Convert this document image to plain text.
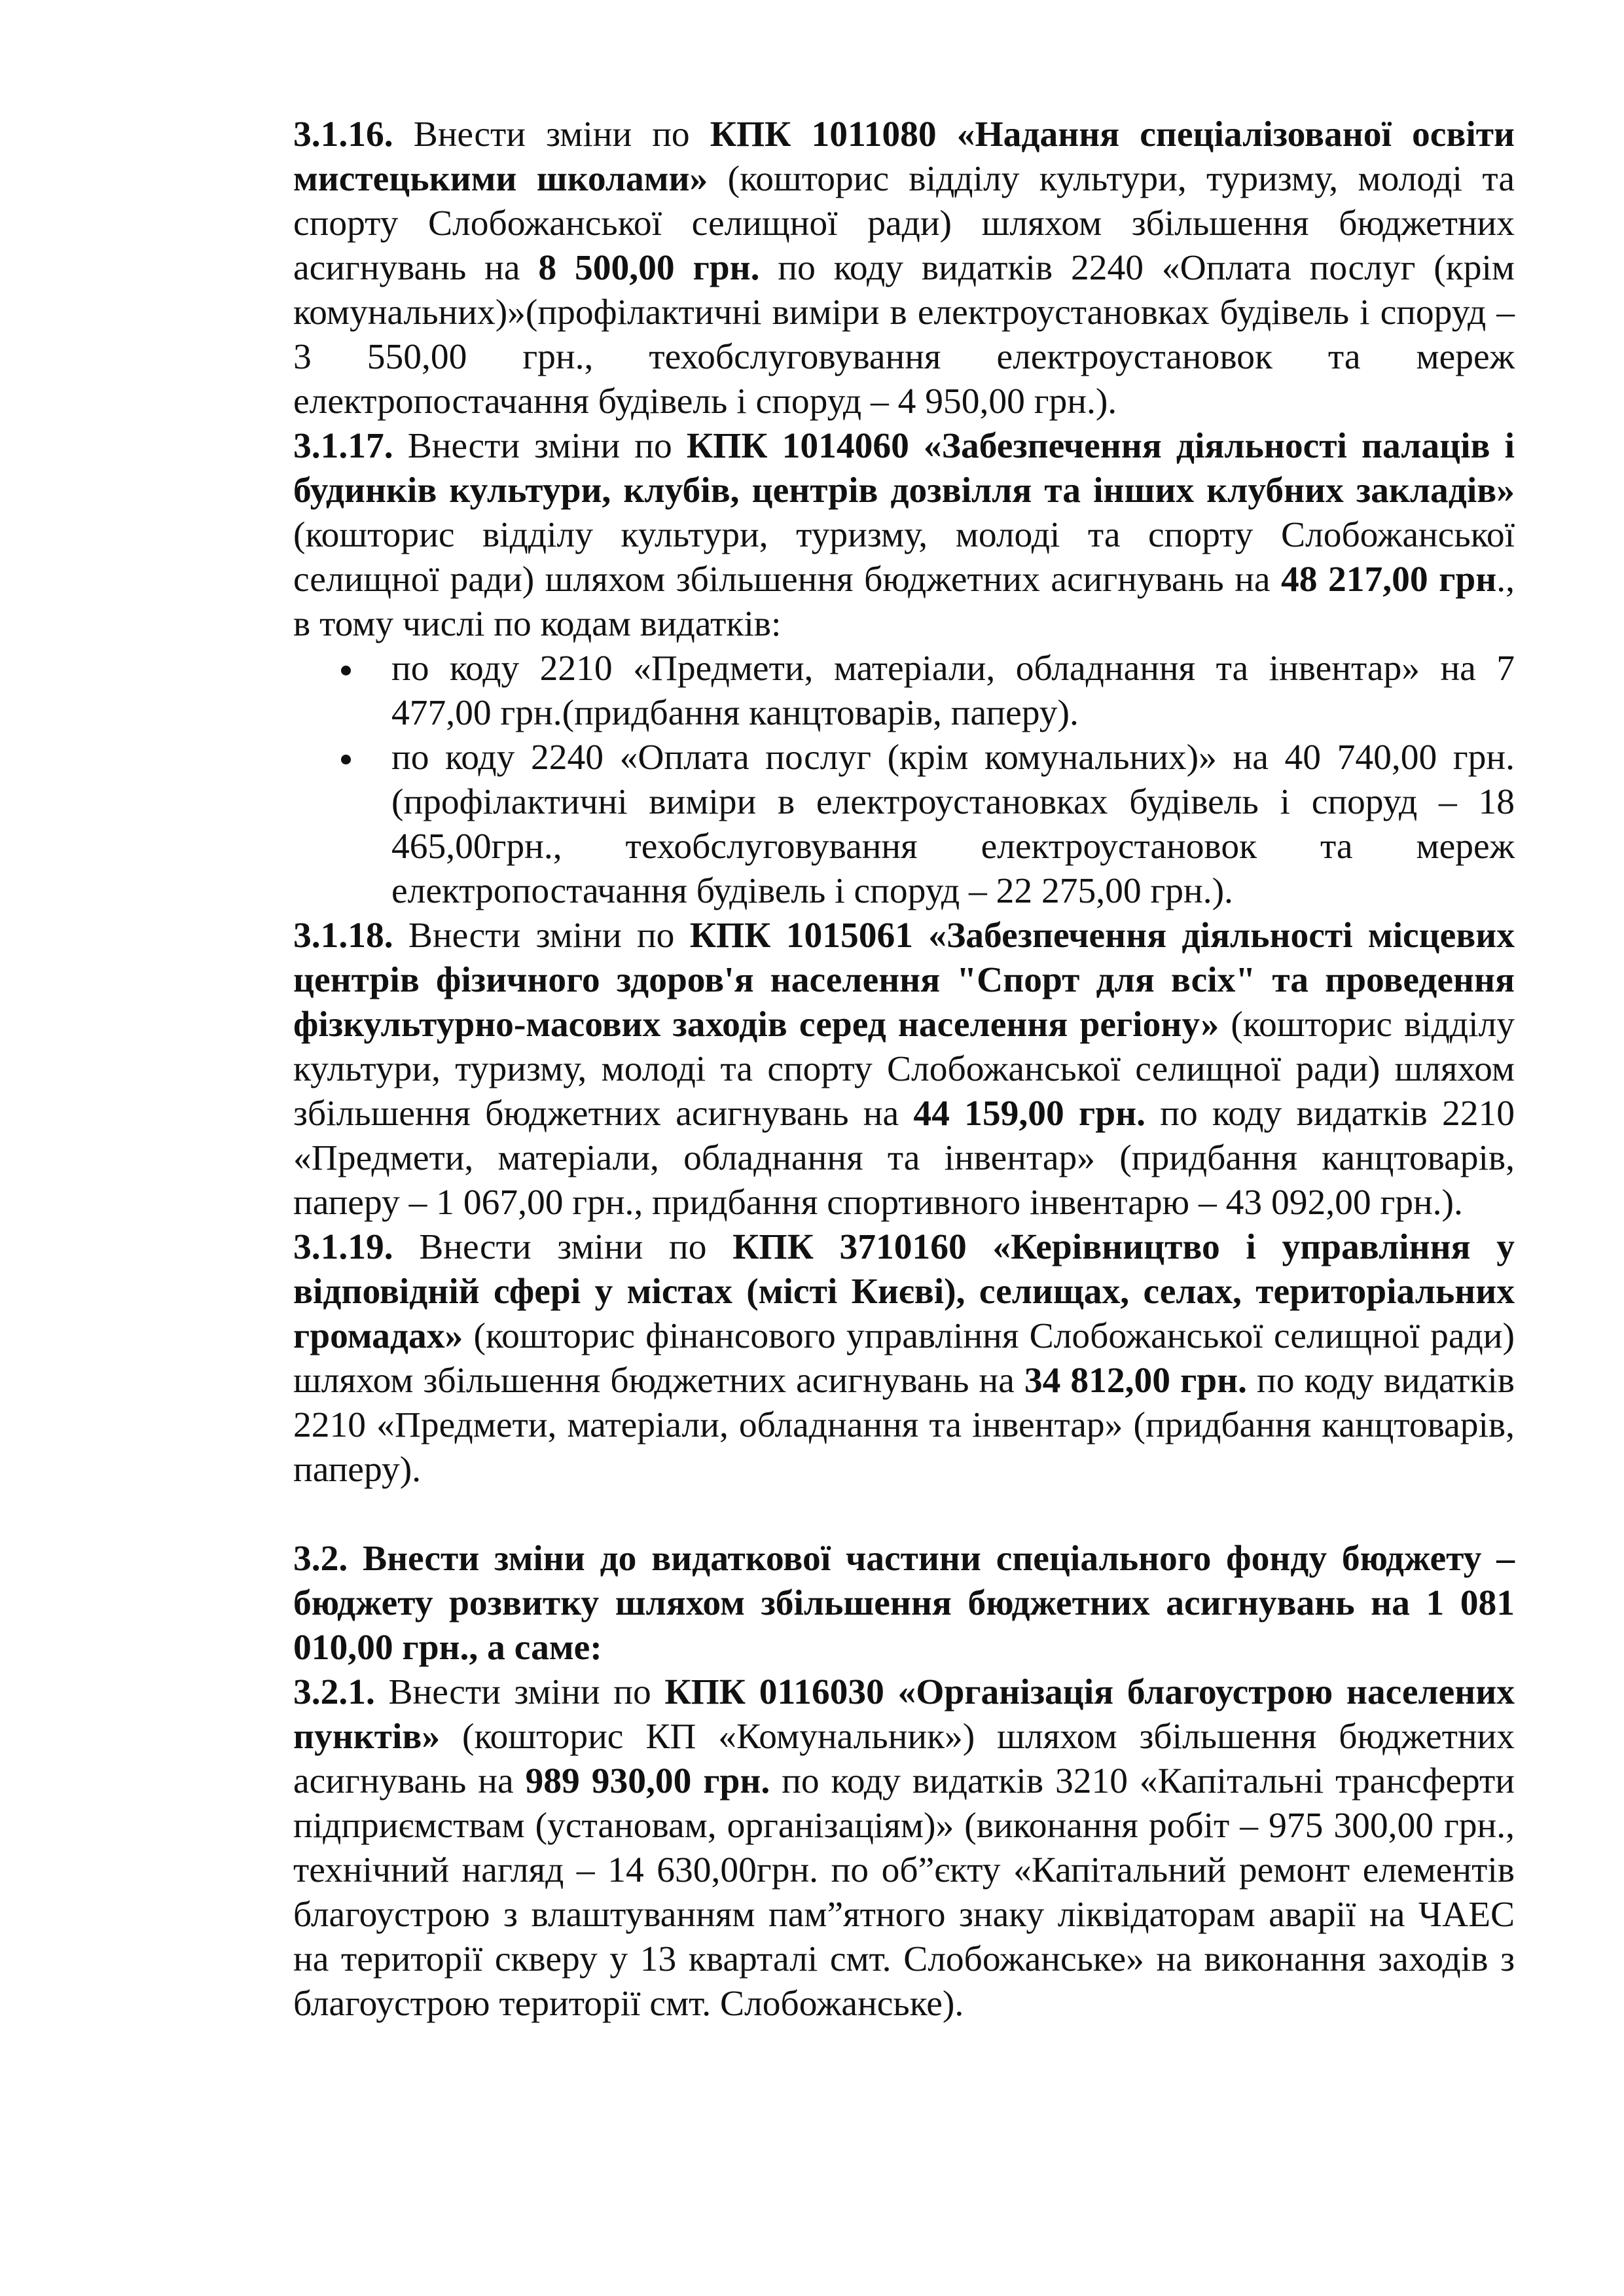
3.1.16. Внести зміни по КПК 1011080 «Надання спеціалізованої освіти мистецькими школами» (кошторис відділу культури, туризму, молоді та спорту Слобожанської селищної ради) шляхом збільшення бюджетних асигнувань на 8 500,00 грн. по коду видатків 2240 «Оплата послуг (крім комунальних)»(профілактичні виміри в електроустановках будівель і споруд – 3 550,00 грн., техобслуговування електроустановок та мереж електропостачання будівель і споруд – 4 950,00 грн.).

3.1.17. Внести зміни по КПК 1014060 «Забезпечення діяльності палаців і будинків культури, клубів, центрів дозвілля та інших клубних закладів» (кошторис відділу культури, туризму, молоді та спорту Слобожанської селищної ради) шляхом збільшення бюджетних асигнувань на 48 217,00 грн., в тому числі по кодам видатків:

по коду 2210 «Предмети, матеріали, обладнання та інвентар» на 7 477,00 грн.(придбання канцтоварів, паперу).
по коду 2240 «Оплата послуг (крім комунальних)» на 40 740,00 грн. (профілактичні виміри в електроустановках будівель і споруд – 18 465,00грн., техобслуговування електроустановок та мереж електропостачання будівель і споруд – 22 275,00 грн.).

3.1.18. Внести зміни по КПК 1015061 «Забезпечення діяльності місцевих центрів фізичного здоров'я населення "Спорт для всіх" та проведення фізкультурно-масових заходів серед населення регіону» (кошторис відділу культури, туризму, молоді та спорту Слобожанської селищної ради) шляхом збільшення бюджетних асигнувань на 44 159,00 грн. по коду видатків 2210 «Предмети, матеріали, обладнання та інвентар» (придбання канцтоварів, паперу – 1 067,00 грн., придбання спортивного інвентарю – 43 092,00 грн.).

3.1.19. Внести зміни по КПК 3710160 «Керівництво і управління у відповідній сфері у містах (місті Києві), селищах, селах, територіальних громадах» (кошторис фінансового управління Слобожанської селищної ради) шляхом збільшення бюджетних асигнувань на 34 812,00 грн. по коду видатків 2210 «Предмети, матеріали, обладнання та інвентар» (придбання канцтоварів, паперу).

3.2. Внести зміни до видаткової частини спеціального фонду бюджету – бюджету розвитку шляхом збільшення бюджетних асигнувань на 1 081 010,00 грн., а саме:

3.2.1. Внести зміни по КПК 0116030 «Організація благоустрою населених пунктів» (кошторис КП «Комунальник») шляхом збільшення бюджетних асигнувань на 989 930,00 грн. по коду видатків 3210 «Капітальні трансферти підприємствам (установам, організаціям)» (виконання робіт – 975 300,00 грн., технічний нагляд – 14 630,00грн. по об”єкту «Капітальний ремонт елементів благоустрою з влаштуванням пам”ятного знаку ліквідаторам аварії на ЧАЕС на території скверу у 13 кварталі смт. Слобожанське» на виконання заходів з благоустрою території смт. Слобожанське).
